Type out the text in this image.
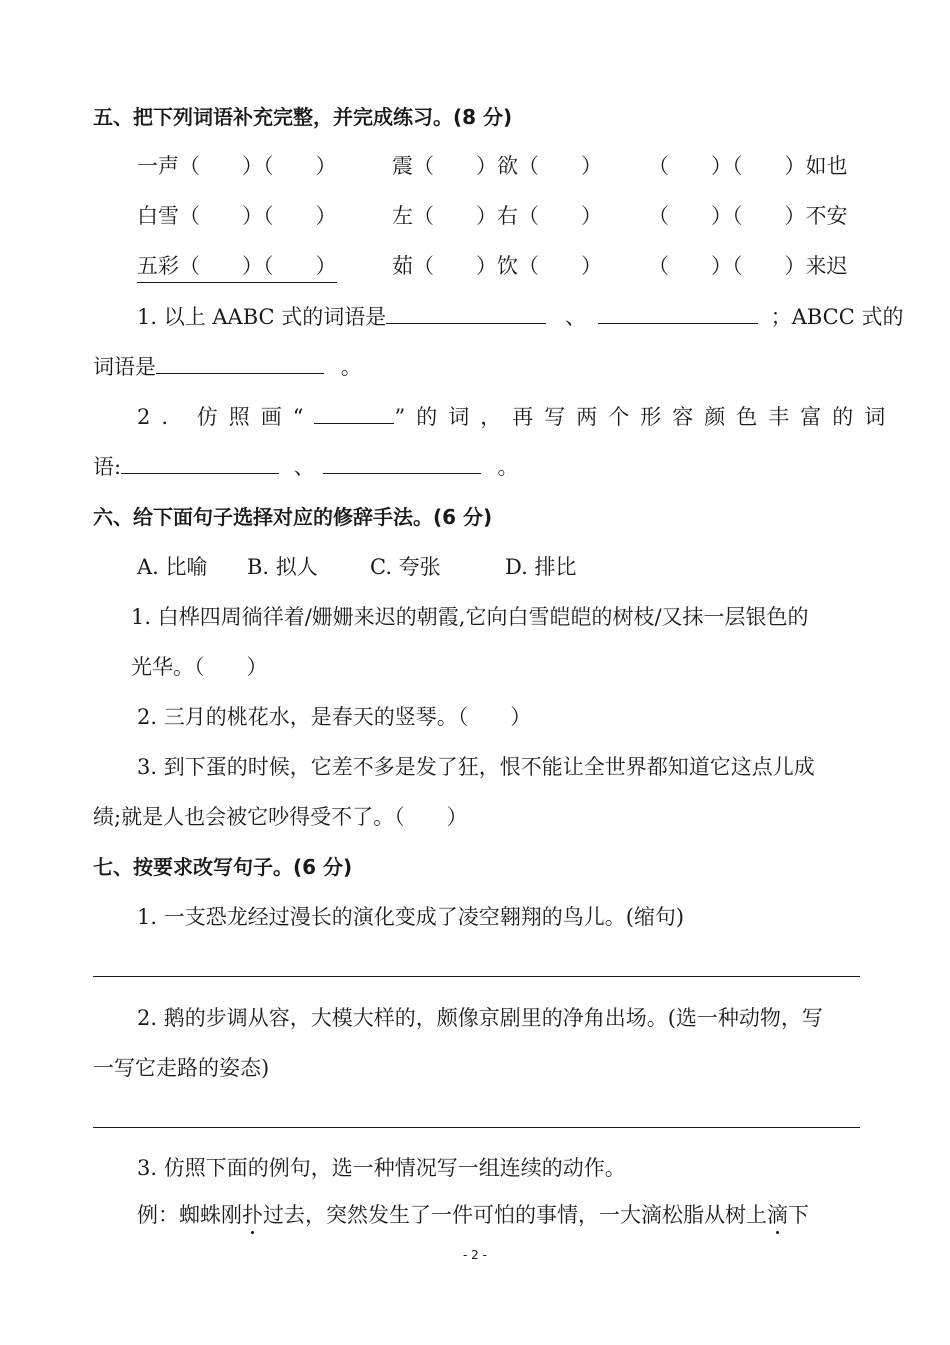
五、把下列词语补充完整，并完成练习。(8 分)
一声（　　）（　　）	震（　　）欲（　　） （　　）（　　）如也
白雪（　　）（　　）	左（　　）右（　　） （　　）（　　）不安
五彩（　　）（　　）	茹（　　）饮（　　） （　　）（　　）来迟
1. 以上 AABC 式的词语是	、	；ABCC 式的
词语是	。
2. 仿照画“	”的词，再写两个形容颜色丰富的词
语:	、	。
六、给下面句子选择对应的修辞手法。(6 分)
A. 比喻 B. 拟人 C. 夸张	D. 排比
1. 白桦四周徜徉着/姗姗来迟的朝霞,它向白雪皑皑的树枝/又抹一层银色的
光华。（　　）
2. 三月的桃花水，是春天的竖琴。（　　）
3. 到下蛋的时候，它差不多是发了狂，恨不能让全世界都知道它这点儿成
绩;就是人也会被它吵得受不了。（　　）
七、按要求改写句子。(6 分)
1. 一支恐龙经过漫长的演化变成了凌空翱翔的鸟儿。(缩句)
2. 鹅的步调从容，大模大样的，颇像京剧里的净角出场。(选一种动物，写
一写它走路的姿态)
3. 仿照下面的例句，选一种情况写一组连续的动作。
例：蜘蛛刚扑过去，突然发生了一件可怕的事情，一大滴松脂从树上滴下
- 2 -
